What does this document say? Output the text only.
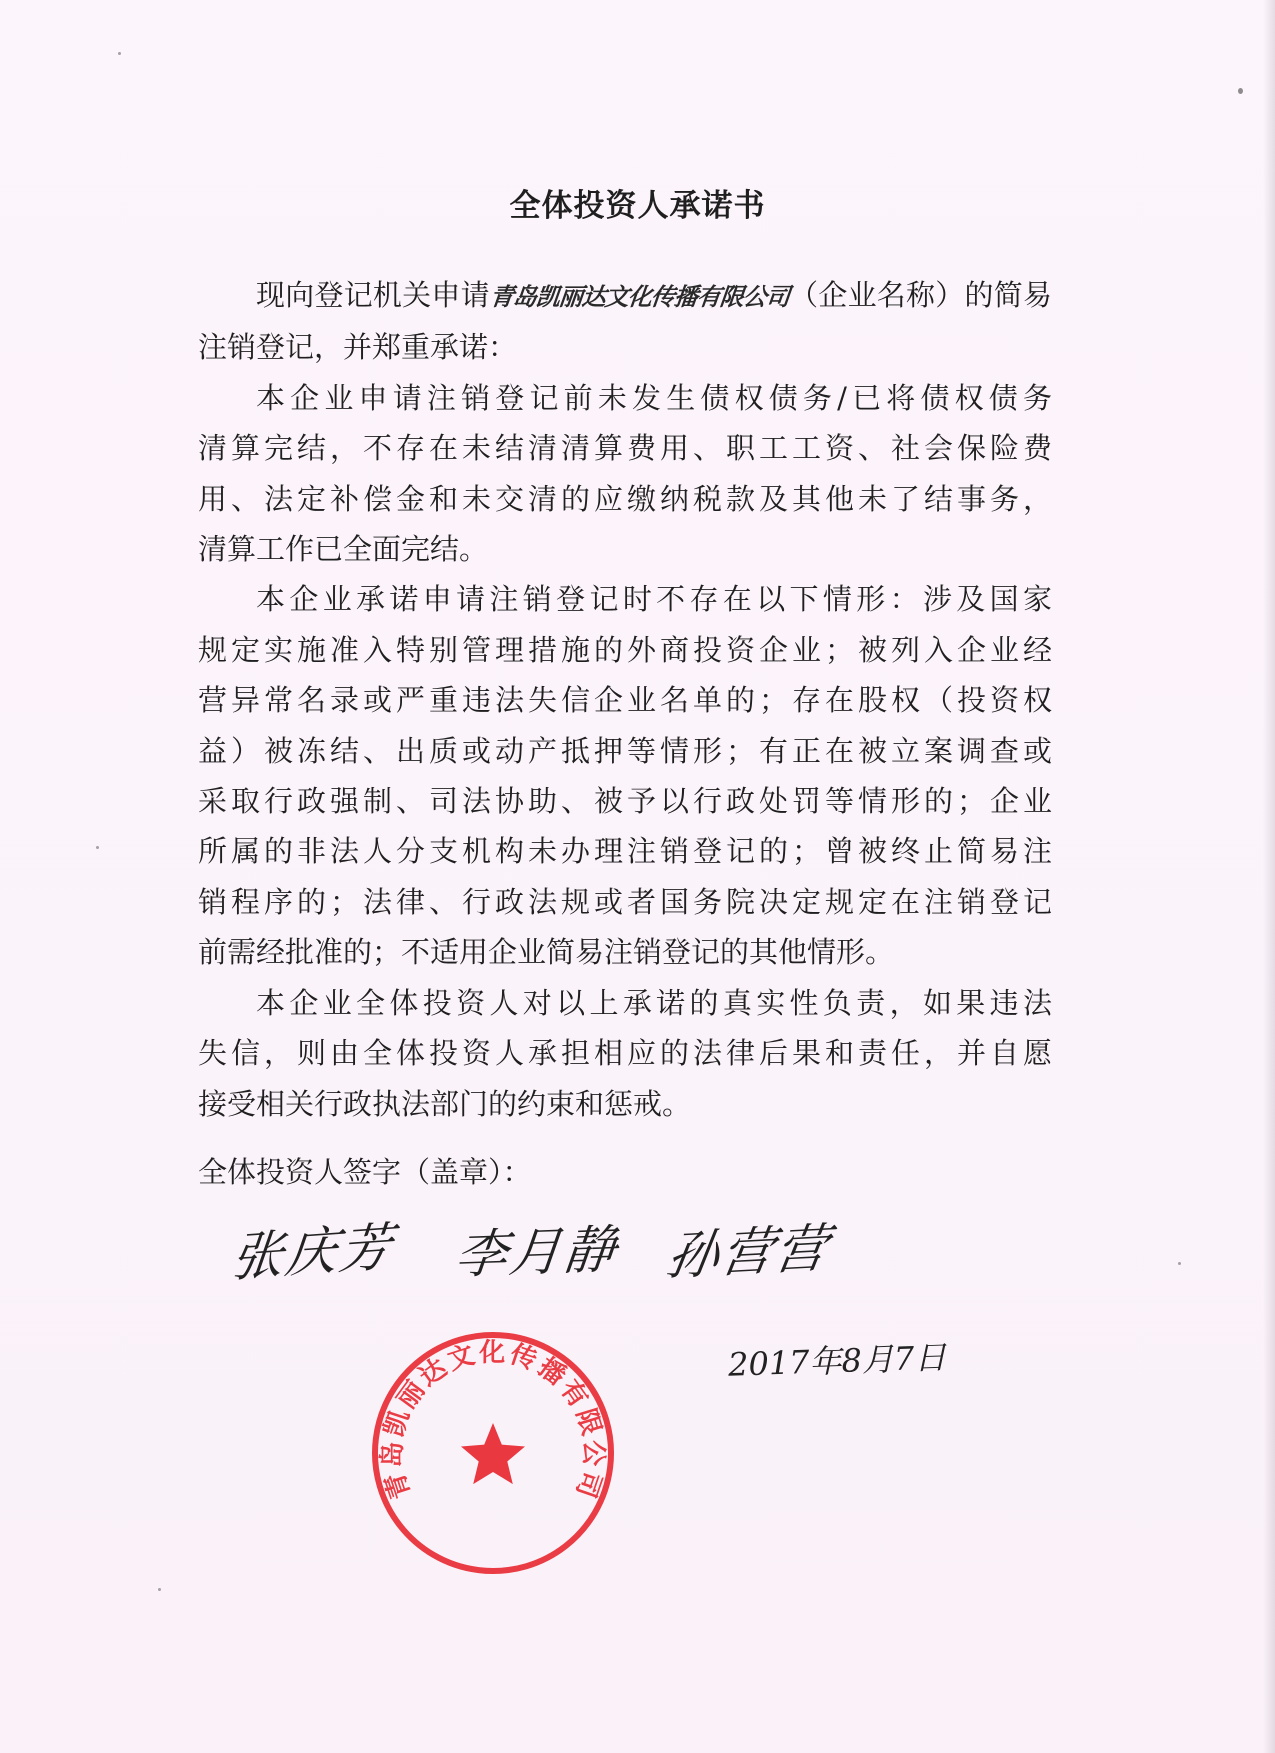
全体投资人承诺书
现向登记机关申请青岛凯丽达文化传播有限公司（企业名称）的简易
注销登记，并郑重承诺：
本企业申请注销登记前未发生债权债务/已将债权债务
清算完结，不存在未结清清算费用、职工工资、社会保险费
用、法定补偿金和未交清的应缴纳税款及其他未了结事务，
清算工作已全面完结。
本企业承诺申请注销登记时不存在以下情形：涉及国家
规定实施准入特别管理措施的外商投资企业；被列入企业经
营异常名录或严重违法失信企业名单的；存在股权（投资权
益）被冻结、出质或动产抵押等情形；有正在被立案调查或
采取行政强制、司法协助、被予以行政处罚等情形的；企业
所属的非法人分支机构未办理注销登记的；曾被终止简易注
销程序的；法律、行政法规或者国务院决定规定在注销登记
前需经批准的；不适用企业简易注销登记的其他情形。
本企业全体投资人对以上承诺的真实性负责，如果违法
失信，则由全体投资人承担相应的法律后果和责任，并自愿
接受相关行政执法部门的约束和惩戒。
全体投资人签字（盖章）：
张庆芳 李月静 孙营营
2017年8月7日
青岛凯丽达文化传播有限公司
